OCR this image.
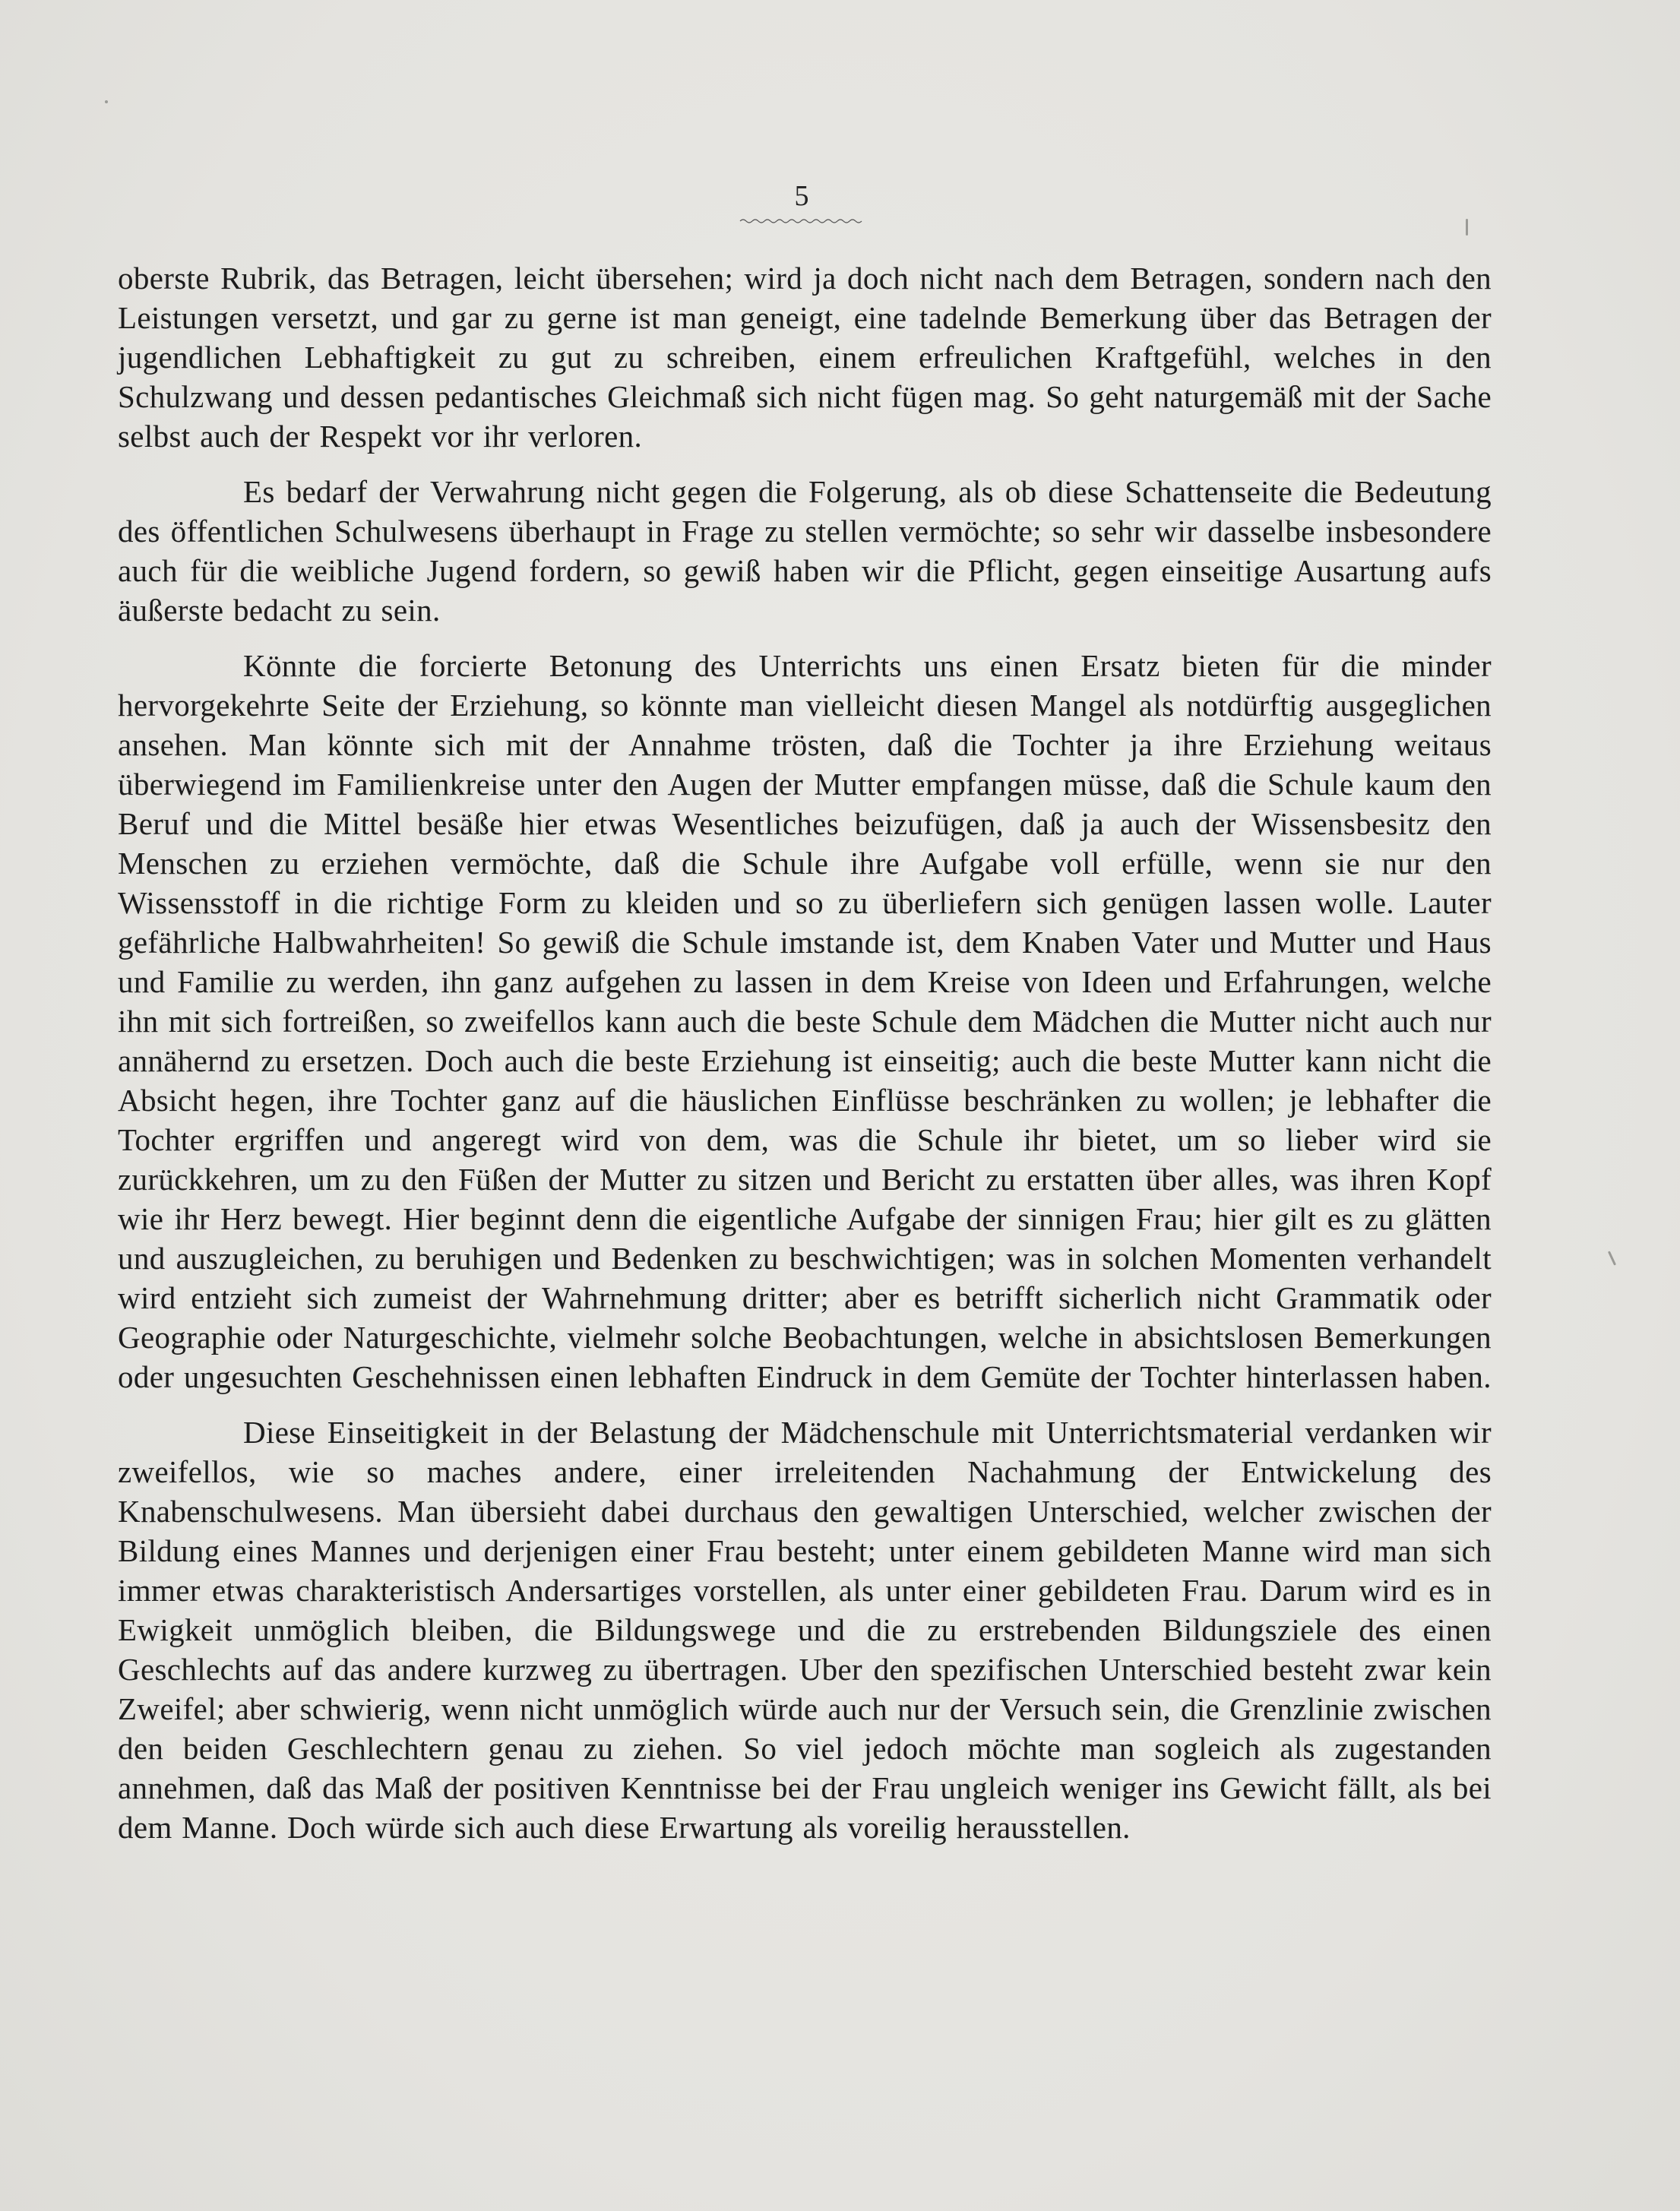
5

oberste Rubrik, das Betragen, leicht übersehen; wird ja doch nicht nach dem Betragen, sondern nach den Leistungen versetzt, und gar zu gerne ist man geneigt, eine tadelnde Bemerkung über das Betragen der jugendlichen Lebhaftigkeit zu gut zu schreiben, einem erfreulichen Kraftgefühl, welches in den Schulzwang und dessen pedantisches Gleichmaß sich nicht fügen mag. So geht naturgemäß mit der Sache selbst auch der Respekt vor ihr verloren.

Es bedarf der Verwahrung nicht gegen die Folgerung, als ob diese Schattenseite die Bedeutung des öffentlichen Schulwesens überhaupt in Frage zu stellen vermöchte; so sehr wir dasselbe insbesondere auch für die weibliche Jugend fordern, so gewiß haben wir die Pflicht, gegen einseitige Ausartung aufs äußerste bedacht zu sein.

Könnte die forcierte Betonung des Unterrichts uns einen Ersatz bieten für die minder hervorgekehrte Seite der Erziehung, so könnte man vielleicht diesen Mangel als notdürftig ausgeglichen ansehen. Man könnte sich mit der Annahme trösten, daß die Tochter ja ihre Erziehung weitaus überwiegend im Familienkreise unter den Augen der Mutter empfangen müsse, daß die Schule kaum den Beruf und die Mittel besäße hier etwas Wesentliches beizufügen, daß ja auch der Wissensbesitz den Menschen zu erziehen vermöchte, daß die Schule ihre Aufgabe voll erfülle, wenn sie nur den Wissensstoff in die richtige Form zu kleiden und so zu überliefern sich genügen lassen wolle. Lauter gefährliche Halbwahrheiten! So gewiß die Schule imstande ist, dem Knaben Vater und Mutter und Haus und Familie zu werden, ihn ganz aufgehen zu lassen in dem Kreise von Ideen und Erfahrungen, welche ihn mit sich fortreißen, so zweifellos kann auch die beste Schule dem Mädchen die Mutter nicht auch nur annähernd zu ersetzen. Doch auch die beste Erziehung ist einseitig; auch die beste Mutter kann nicht die Absicht hegen, ihre Tochter ganz auf die häuslichen Einflüsse beschränken zu wollen; je lebhafter die Tochter ergriffen und angeregt wird von dem, was die Schule ihr bietet, um so lieber wird sie zurückkehren, um zu den Füßen der Mutter zu sitzen und Bericht zu erstatten über alles, was ihren Kopf wie ihr Herz bewegt. Hier beginnt denn die eigentliche Aufgabe der sinnigen Frau; hier gilt es zu glätten und auszugleichen, zu beruhigen und Bedenken zu beschwichtigen; was in solchen Momenten verhandelt wird entzieht sich zumeist der Wahrnehmung dritter; aber es betrifft sicherlich nicht Grammatik oder Geographie oder Naturgeschichte, vielmehr solche Beobachtungen, welche in absichtslosen Bemerkungen oder ungesuchten Geschehnissen einen lebhaften Eindruck in dem Gemüte der Tochter hinterlassen haben.

Diese Einseitigkeit in der Belastung der Mädchenschule mit Unterrichtsmaterial verdanken wir zweifellos, wie so maches andere, einer irreleitenden Nachahmung der Entwickelung des Knabenschulwesens. Man übersieht dabei durchaus den gewaltigen Unterschied, welcher zwischen der Bildung eines Mannes und derjenigen einer Frau besteht; unter einem gebildeten Manne wird man sich immer etwas charakteristisch Andersartiges vorstellen, als unter einer gebildeten Frau. Darum wird es in Ewigkeit unmöglich bleiben, die Bildungswege und die zu erstrebenden Bildungsziele des einen Geschlechts auf das andere kurzweg zu übertragen. Uber den spezifischen Unterschied besteht zwar kein Zweifel; aber schwierig, wenn nicht unmöglich würde auch nur der Versuch sein, die Grenzlinie zwischen den beiden Geschlechtern genau zu ziehen. So viel jedoch möchte man sogleich als zugestanden annehmen, daß das Maß der positiven Kenntnisse bei der Frau ungleich weniger ins Gewicht fällt, als bei dem Manne. Doch würde sich auch diese Erwartung als voreilig herausstellen.
